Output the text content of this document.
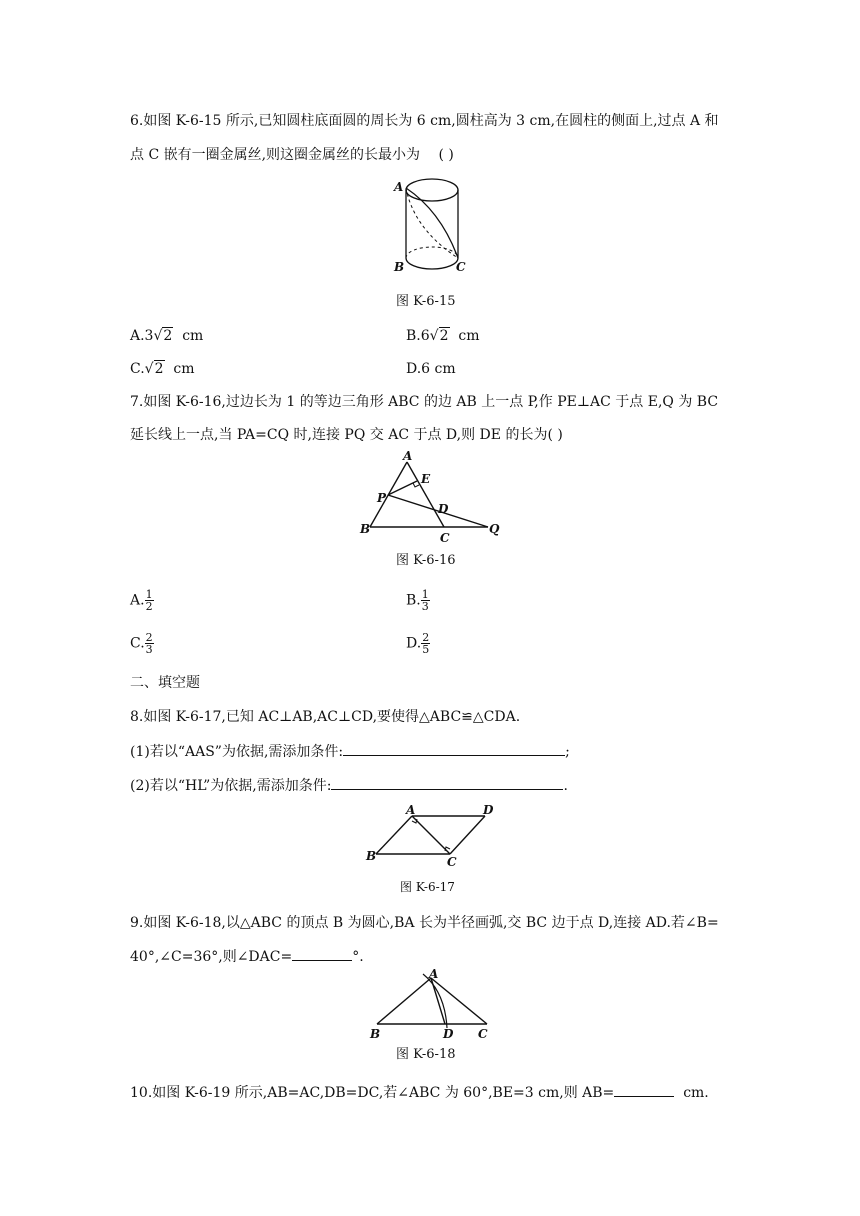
6.如图 K-6-15 所示,已知圆柱底面圆的周长为 6 cm,圆柱高为 3 cm,在圆柱的侧面上,过点 A 和
点 C 嵌有一圈金属丝,则这圈金属丝的长最小为 ( )
A
B	C
图 K-6-15
A.3√2 cm	B.6√2 cm
C.√2 cm	D.6 cm
7.如图 K-6-16,过边长为 1 的等边三角形 ABC 的边 AB 上一点 P,作 PE⊥AC 于点 E,Q 为 BC
延长线上一点,当 PA=CQ 时,连接 PQ 交 AC 于点 D,则 DE 的长为( )
A
E
P
D
B
C
Q
图 K-6-16
A. $\frac{1}{2}$	B. $\frac{1}{3}$
C. $\frac{2}{3}$	D. $\frac{2}{5}$
二、填空题
8.如图 K-6-17,已知 AC⊥AB,AC⊥CD,要使得△ABC≌△CDA.
(1)若以“AAS”为依据,需添加条件:	;
(2)若以“HL”为依据,需添加条件:	.
A	D
B	C
图 K-6-17
9.如图 K-6-18,以△ABC 的顶点 B 为圆心,BA 长为半径画弧,交 BC 边于点 D,连接 AD.若∠B=
40°,∠C=36°,则∠DAC=	°.
A
B	D C
图 K-6-18
10.如图 K-6-19 所示,AB=AC,DB=DC,若∠ABC 为 60°,BE=3 cm,则 AB=	cm.
